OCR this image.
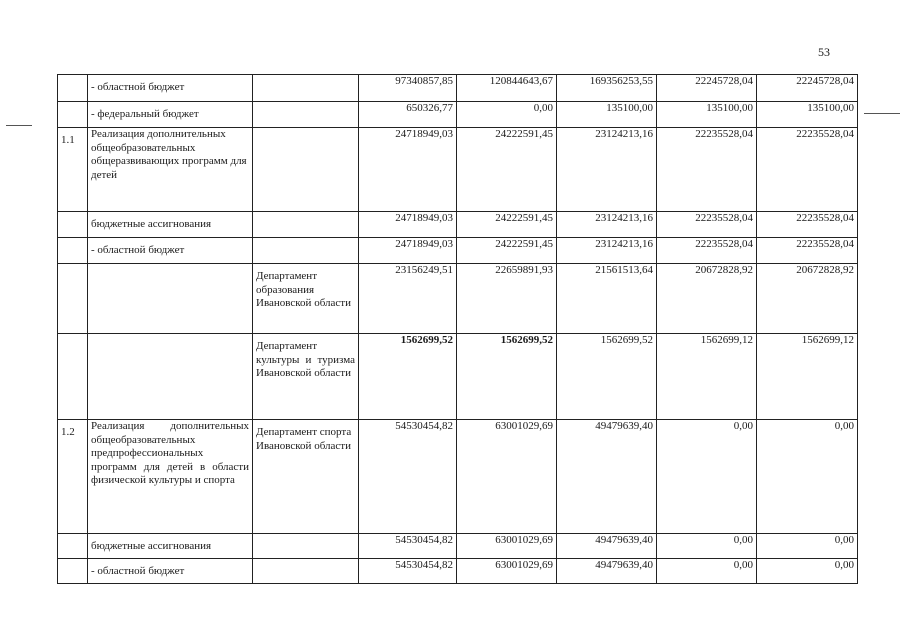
53
	- областной бюджет		97340857,85	120844643,67	169356253,55	22245728,04	22245728,04
	- федеральный бюджет		650326,77	0,00	135100,00	135100,00	135100,00
1.1	Реализация дополнительных общеобразовательных общеразвивающих программ для детей		24718949,03	24222591,45	23124213,16	22235528,04	22235528,04
	бюджетные ассигнования		24718949,03	24222591,45	23124213,16	22235528,04	22235528,04
	- областной бюджет		24718949,03	24222591,45	23124213,16	22235528,04	22235528,04
		Департамент образования Ивановской области	23156249,51	22659891,93	21561513,64	20672828,92	20672828,92
		Департамент культуры и туризма Ивановской области	1562699,52	1562699,52	1562699,52	1562699,12	1562699,12
1.2	Реализация дополнительных общеобразовательных предпрофессиональных программ для детей в области физической культуры и спорта	Департамент спорта Ивановской области	54530454,82	63001029,69	49479639,40	0,00	0,00
	бюджетные ассигнования		54530454,82	63001029,69	49479639,40	0,00	0,00
	- областной бюджет		54530454,82	63001029,69	49479639,40	0,00	0,00
